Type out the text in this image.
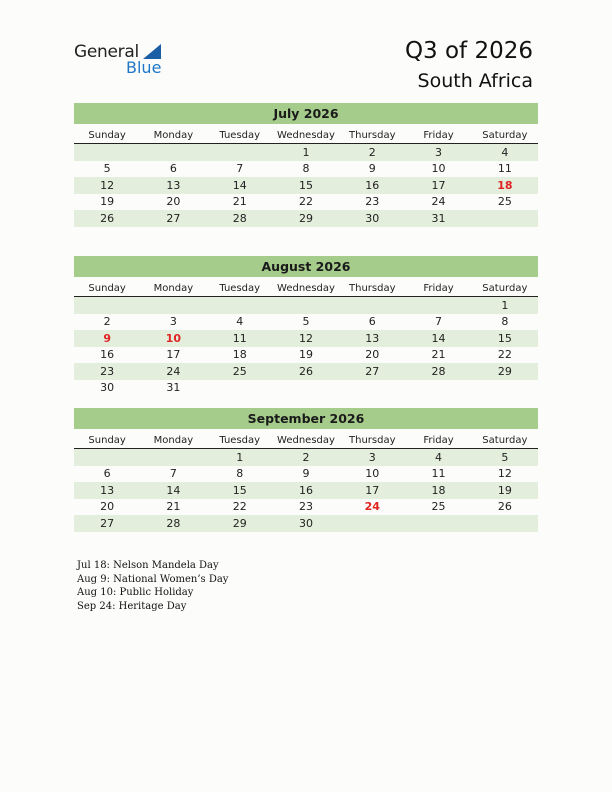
General
Blue
Q3 of 2026
South Africa
July 2026
Sunday	Monday	Tuesday	Wednesday	Thursday	Friday	Saturday
			1	2	3	4
5	6	7	8	9	10	11
12	13	14	15	16	17	18
19	20	21	22	23	24	25
26	27	28	29	30	31	
August 2026
Sunday	Monday	Tuesday	Wednesday	Thursday	Friday	Saturday
						1
2	3	4	5	6	7	8
9	10	11	12	13	14	15
16	17	18	19	20	21	22
23	24	25	26	27	28	29
30	31					
September 2026
Sunday	Monday	Tuesday	Wednesday	Thursday	Friday	Saturday
		1	2	3	4	5
6	7	8	9	10	11	12
13	14	15	16	17	18	19
20	21	22	23	24	25	26
27	28	29	30			
Jul 18: Nelson Mandela Day
Aug 9: National Women’s Day
Aug 10: Public Holiday
Sep 24: Heritage Day
